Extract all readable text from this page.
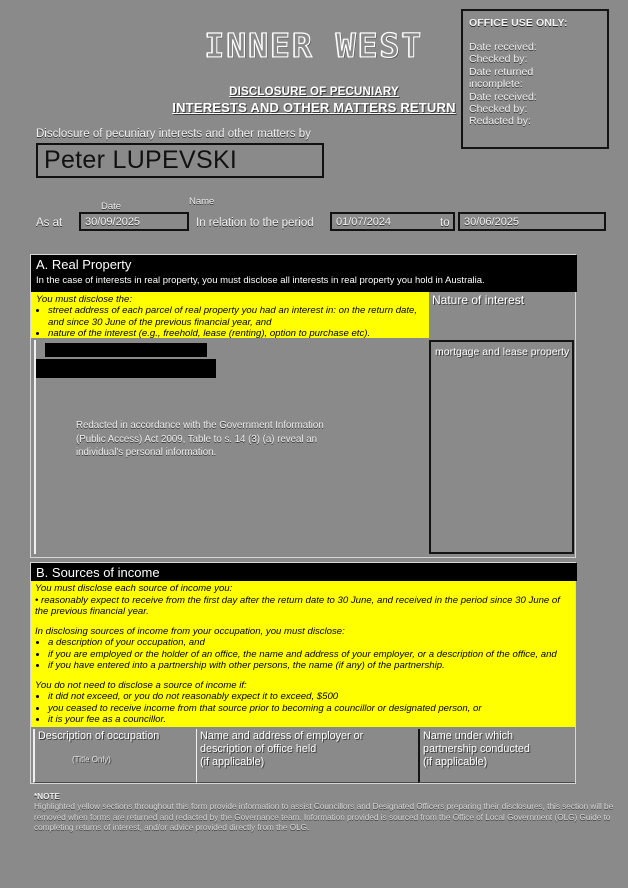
OFFICE USE ONLY:
Date received:
Checked by:
Date returned
incomplete:
Date received:
Checked by:
Redacted by:
INNER WEST
DISCLOSURE OF PECUNIARY
INTERESTS AND OTHER MATTERS RETURN
Disclosure of pecuniary interests and other matters by
Peter LUPEVSKI
Date	Name
As at	30/09/2025	In relation to the period	01/07/2024	to	30/06/2025
A. Real Property
In the case of interests in real property, you must disclose all interests in real property you hold in Australia.
You must disclose the:
• street address of each parcel of real property you had an interest in: on the return date, and since 30 June of the previous financial year, and
• nature of the interest (e.g., freehold, lease (renting), option to purchase etc).
Nature of interest
Redacted in accordance with the Government Information (Public Access) Act 2009, Table to s. 14 (3) (a) reveal an individual's personal information.
mortgage and lease property
B. Sources of income

You must disclose each source of income you:

• reasonably expect to receive from the first day after the return date to 30 June, and received in the period since 30 June of the previous financial year.

In disclosing sources of income from your occupation, you must disclose:

• a description of your occupation, and
• if you are employed or the holder of an office, the name and address of your employer, or a description of the office, and
• if you have entered into a partnership with other persons, the name (if any) of the partnership.

You do not need to disclose a source of income if:

• it did not exceed, or you do not reasonably expect it to exceed, $500
• you ceased to receive income from that source prior to becoming a councillor or designated person, or
• it is your fee as a councillor.
Description of occupation
(Title Only)
Name and address of employer or
description of office held
(if applicable)
Name under which
partnership conducted
(if applicable)
*NOTE
Highlighted yellow sections throughout this form provide information to assist Councillors and Designated Officers preparing their disclosures, this section will be removed when forms are returned and redacted by the Governance team. Information provided is sourced from the Office of Local Government (OLG) Guide to completing returns of interest, and/or advice provided directly from the OLG.
